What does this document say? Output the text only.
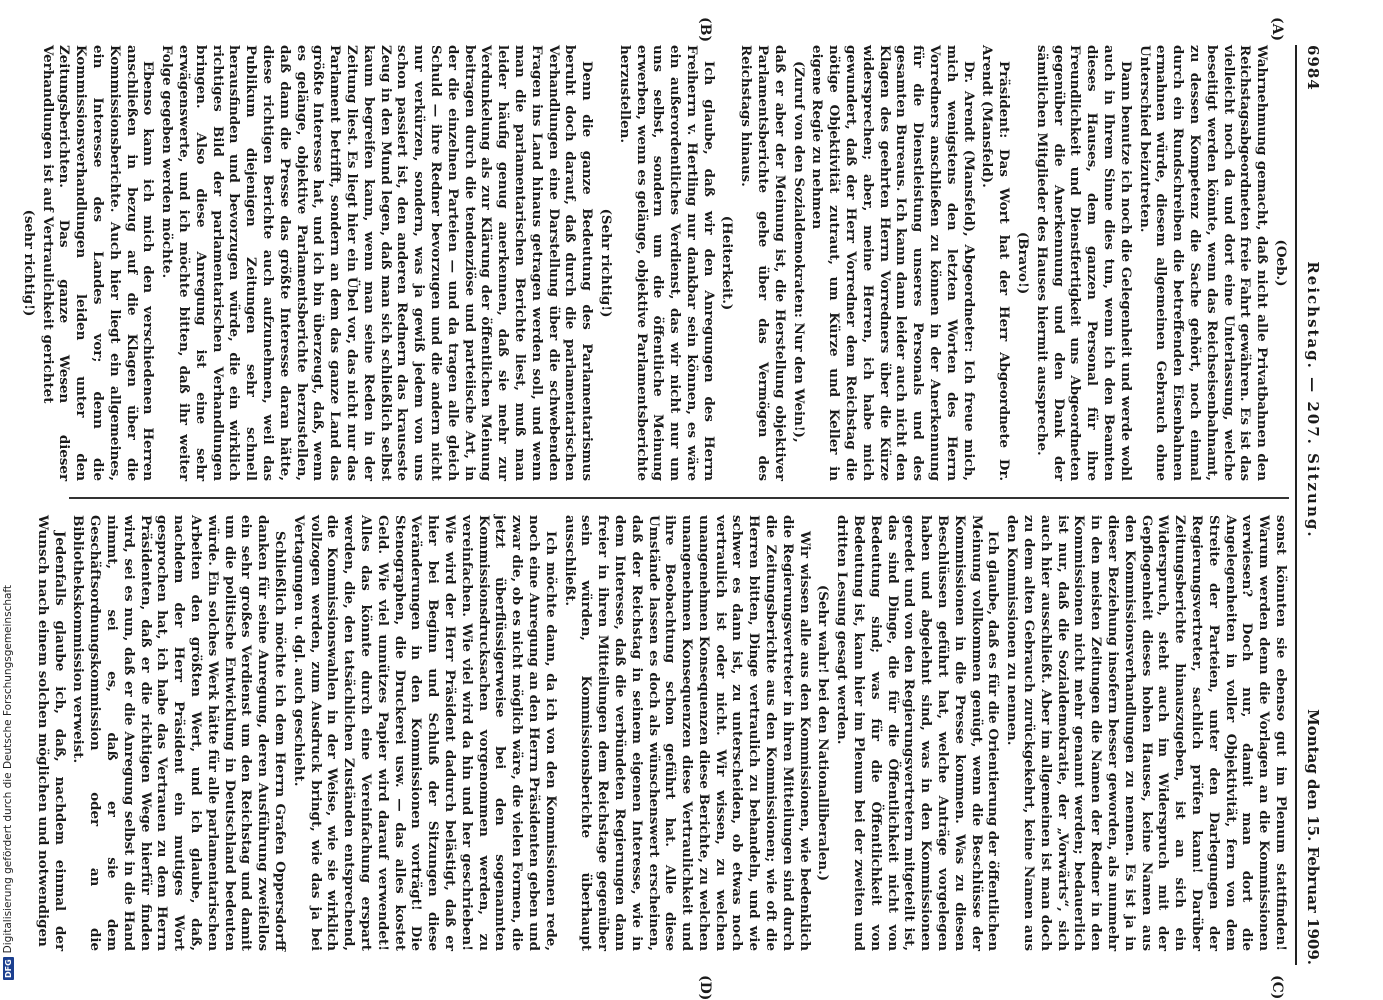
6984
Reichstag. — 207. Sitzung.
Montag den 15. Februar 1909.
(A)
(B)
(C)
(D)

(Oeb.)

Wahrnehmung gemacht, daß nicht alle Privatbahnen den Reichstagsabgeordneten freie Fahrt gewähren. Es ist das vielleicht noch da und dort eine Unterlassung, welche beseitigt werden könnte, wenn das Reichseisenbahnamt, zu dessen Kompetenz die Sache gehört, noch einmal durch ein Rundschreiben die betreffenden Eisenbahnen ermahnen würde, diesem allgemeinen Gebrauch ohne Unterschied beizutreten.

Dann benutze ich noch die Gelegenheit und werde wohl auch in Ihrem Sinne dies tun, wenn ich den Beamten dieses Hauses, dem ganzen Personal für ihre Freundlichkeit und Dienstfertigkeit uns Abgeordneten gegenüber die Anerkennung und den Dank der sämtlichen Mitglieder des Hauses hiermit ausspreche.

(Bravo!)

Präsident: Das Wort hat der Herr Abgeordnete Dr. Arendt (Mansfeld).

Dr. Arendt (Mansfeld), Abgeordneter: Ich freue mich, mich wenigstens den letzten Worten des Herrn Vorredners anschließen zu können in der Anerkennung für die Dienstleistung unseres Personals und des gesamten Bureaus. Ich kann dann leider auch nicht den Klagen des geehrten Herrn Vorredners über die Kürze widersprechen; aber, meine Herren, ich habe mich gewundert, daß der Herr Vorredner dem Reichstag die nötige Objektivität zutraut, um Kürze und Keller in eigene Regie zu nehmen

(Zuruf von den Sozialdemokraten: Nur den Wein!),

daß er aber der Meinung ist, die Herstellung objektiver Parlamentsberichte gehe über das Vermögen des Reichstags hinaus.

(Heiterkeit.)

Ich glaube, daß wir den Anregungen des Herrn Freiherrn v. Hertling nur dankbar sein können, es wäre ein außerordentliches Verdienst, das wir nicht nur um uns selbst, sondern um die öffentliche Meinung erwerben, wenn es gelänge, objektive Parlamentsberichte herzustellen.

(Sehr richtig!)

Denn die ganze Bedeutung des Parlamentarismus beruht doch darauf, daß durch die parlamentarischen Verhandlungen eine Darstellung über die schwebenden Fragen ins Land hinaus getragen werden soll, und wenn man die parlamentarischen Berichte liest, muß man leider häufig genug anerkennen, daß sie mehr zur Verdunkelung als zur Klärung der öffentlichen Meinung beitragen durch die tendenziöse und parteiische Art, in der die einzelnen Parteien — und da tragen alle gleich Schuld — ihre Redner bevorzugen und die andern nicht nur verkürzen, sondern, was ja gewiß jedem von uns schon passiert ist, den anderen Rednern das krauseste Zeug in den Mund legen, daß man sich schließlich selbst kaum begreifen kann, wenn man seine Reden in der Zeitung liest. Es liegt hier ein Übel vor, das nicht nur das Parlament betrifft, sondern an dem das ganze Land das größte Interesse hat, und ich bin überzeugt, daß, wenn es gelänge, objektive Parlamentsberichte herzustellen, daß dann die Presse das größte Interesse daran hätte, diese richtigen Berichte auch aufzunehmen, weil das Publikum diejenigen Zeitungen sehr schnell herausfinden und bevorzugen würde, die ein wirklich richtiges Bild der parlamentarischen Verhandlungen bringen. Also diese Anregung ist eine sehr erwägenswerte, und ich möchte bitten, daß ihr weiter Folge gegeben werden möchte.

Ebenso kann ich mich den verschiedenen Herren anschließen in bezug auf die Klagen über die Kommissionsberichte. Auch hier liegt ein allgemeines, ein Interesse des Landes vor; denn die Kommissionsverhandlungen leiden unter den Zeitungsberichten. Das ganze Wesen dieser Verhandlungen ist auf Vertraulichkeit gerichtet

(sehr richtig!)

sonst könnten sie ebenso gut im Plenum stattfinden! Warum werden denn die Vorlagen an die Kommissionen verwiesen? Doch nur, damit man dort die Angelegenheiten in voller Objektivität, fern von dem Streite der Parteien, unter den Darlegungen der Regierungsvertreter, sachlich prüfen kann! Darüber Zeitungsberichte hinauszugeben, ist an sich ein Widerspruch, steht auch im Widerspruch mit der Gepflogenheit dieses hohen Hauses, keine Namen aus den Kommissionsverhandlungen zu nennen. Es ist ja in dieser Beziehung insofern besser geworden, als nunmehr in den meisten Zeitungen die Namen der Redner in den Kommissionen nicht mehr genannt werden; bedauerlich ist nur, daß die Sozialdemokratie, der „Vorwärts“, sich auch hier ausschließt. Aber im allgemeinen ist man doch zu dem alten Gebrauch zurückgekehrt, keine Namen aus den Kommissionen zu nennen.

Ich glaube, daß es für die Orientierung der öffentlichen Meinung vollkommen genügt, wenn die Beschlüsse der Kommissionen in die Presse kommen. Was zu diesen Beschlüssen geführt hat, welche Anträge vorgelegen haben und abgelehnt sind, was in den Kommissionen geredet und von den Regierungsvertretern mitgeteilt ist, das sind Dinge, die für die Öffentlichkeit nicht von Bedeutung sind; was für die Öffentlichkeit von Bedeutung ist, kann hier im Plenum bei der zweiten und dritten Lesung gesagt werden.

(Sehr wahr! bei den Nationalliberalen.)

Wir wissen alle aus den Kommissionen, wie bedenklich die Regierungsvertreter in ihren Mitteilungen sind durch die Zeitungsberichte aus den Kommissionen; wie oft die Herren bitten, Dinge vertraulich zu behandeln, und wie schwer es dann ist, zu unterscheiden, ob etwas noch vertraulich ist oder nicht. Wir wissen, zu welchen unangenehmen Konsequenzen diese Berichte, zu welchen unangenehmen Konsequenzen diese Vertraulichkeit und ihre Beobachtung schon geführt hat. Alle diese Umstände lassen es doch als wünschenswert erscheinen, daß der Reichstag in seinem eigenen Interesse, wie in dem Interesse, daß die verbündeten Regierungen dann freier in ihren Mitteilungen dem Reichstage gegenüber sein würden, Kommissionsberichte überhaupt ausschließt.

Ich möchte dann, da ich von den Kommissionen rede, noch eine Anregung an den Herrn Präsidenten geben und zwar die, ob es nicht möglich wäre, die vielen Formen, die jetzt überflüssigerweise bei den sogenannten Kommissionsdrucksachen vorgenommen werden, zu vereinfachen. Wie viel wird da hin und her geschrieben! Wie wird der Herr Präsident dadurch belästigt, daß er hier bei Beginn und Schluß der Sitzungen diese Veränderungen in den Kommissionen vorträgt! Die Stenographen, die Druckerei usw. — das alles kostet Geld. Wie viel unnützes Papier wird darauf verwendet! Alles das könnte durch eine Vereinfachung erspart werden, die, den tatsächlichen Zuständen entsprechend, die Kommissionswahlen in der Weise, wie sie wirklich vollzogen werden, zum Ausdruck bringt, wie das ja bei Vertagungen u. dgl. auch geschieht.

Schließlich möchte ich dem Herrn Grafen Oppersdorff danken für seine Anregung, deren Ausführung zweifellos ein sehr großes Verdienst um den Reichstag und damit um die politische Entwicklung in Deutschland bedeuten würde. Ein solches Werk hätte für alle parlamentarischen Arbeiten den größten Wert, und ich glaube, daß, nachdem der Herr Präsident ein mutiges Wort gesprochen hat, ich habe das Vertrauen zu dem Herrn Präsidenten, daß er die richtigen Wege hierfür finden wird, sei es nun, daß er die Anregung selbst in die Hand nimmt, sei es, daß er sie dem Geschäftsordnungskommission oder an die Bibliothekskommission verweist.

Jedenfalls glaube ich, daß, nachdem einmal der Wunsch nach einem solchen möglichen und notwendigen

DFG
Digitalisierung gefördert durch die Deutsche Forschungsgemeinschaft
